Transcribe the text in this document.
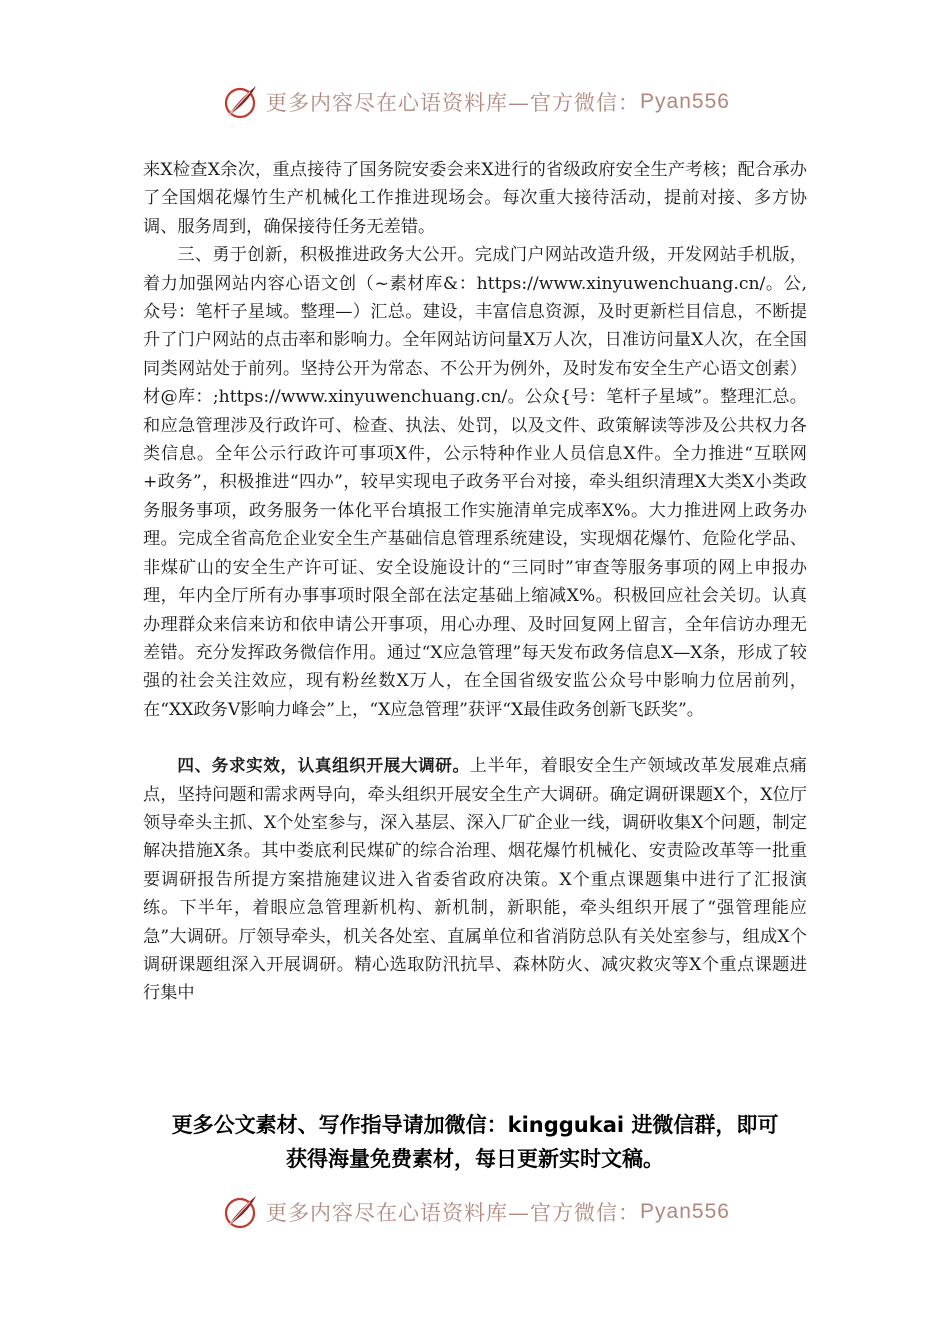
更多内容尽在心语资料库—官方微信： Pyan556

来X检查X余次，重点接待了国务院安委会来X进行的省级政府安全生产考核；配合承办了全国烟花爆竹生产机械化工作推进现场会。每次重大接待活动，提前对接、多方协调、服务周到，确保接待任务无差错。

三、勇于创新，积极推进政务大公开。完成门户网站改造升级，开发网站手机版，着力加强网站内容心语文创（~素材库&：https://www.xinyuwenchuang.cn/。公,众号：笔杆子星域。整理—）汇总。建设，丰富信息资源，及时更新栏目信息，不断提升了门户网站的点击率和影响力。全年网站访问量X万人次，日准访问量X人次，在全国同类网站处于前列。坚持公开为常态、不公开为例外，及时发布安全生产心语文创素）材@库：;https://www.xinyuwenchuang.cn/。公众{号：笔杆子星域”。整理汇总。和应急管理涉及行政许可、检查、执法、处罚，以及文件、政策解读等涉及公共权力各类信息。全年公示行政许可事项X件，公示特种作业人员信息X件。全力推进“互联网+政务”，积极推进“四办”，较早实现电子政务平台对接，牵头组织清理X大类X小类政务服务事项，政务服务一体化平台填报工作实施清单完成率X%。大力推进网上政务办理。完成全省高危企业安全生产基础信息管理系统建设，实现烟花爆竹、危险化学品、非煤矿山的安全生产许可证、安全设施设计的“三同时”审查等服务事项的网上申报办理，年内全厅所有办事事项时限全部在法定基础上缩减X%。积极回应社会关切。认真办理群众来信来访和依申请公开事项，用心办理、及时回复网上留言，全年信访办理无差错。充分发挥政务微信作用。通过“X应急管理”每天发布政务信息X—X条，形成了较强的社会关注效应，现有粉丝数X万人，在全国省级安监公众号中影响力位居前列，在“XX政务V影响力峰会”上，“X应急管理”获评“X最佳政务创新飞跃奖”。

四、务求实效，认真组织开展大调研。上半年，着眼安全生产领域改革发展难点痛点，坚持问题和需求两导向，牵头组织开展安全生产大调研。确定调研课题X个，X位厅领导牵头主抓、X个处室参与，深入基层、深入厂矿企业一线，调研收集X个问题，制定解决措施X条。其中娄底利民煤矿的综合治理、烟花爆竹机械化、安责险改革等一批重要调研报告所提方案措施建议进入省委省政府决策。X个重点课题集中进行了汇报演练。下半年，着眼应急管理新机构、新机制，新职能，牵头组织开展了“强管理能应急”大调研。厅领导牵头，机关各处室、直属单位和省消防总队有关处室参与，组成X个调研课题组深入开展调研。精心选取防汛抗旱、森林防火、减灾救灾等X个重点课题进行集中

更多公文素材、写作指导请加微信：kinggukai 进微信群，即可
获得海量免费素材，每日更新实时文稿。
更多内容尽在心语资料库—官方微信： Pyan556
